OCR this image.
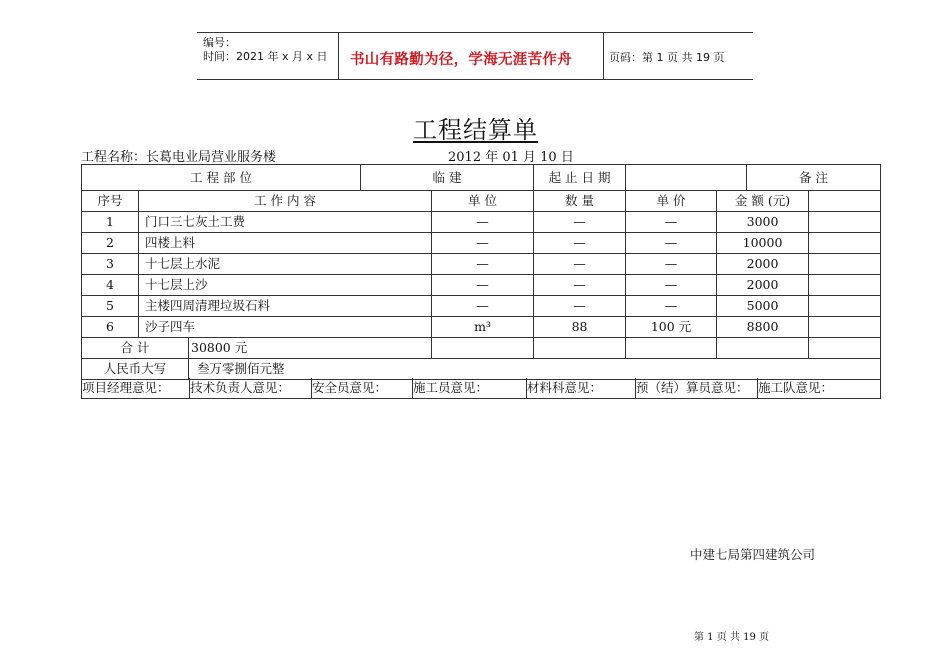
编号：
时间：2021 年 x 月 x 日 书山有路勤为径，学海无涯苦作舟	页码：第 1 页 共 19 页
工程结算单
工程名称：长葛电业局营业服务楼	2012 年 01 月 10 日
工 程 部 位			临 建		起 止 日 期			备 注	
序号	工 作 内 容			单 位	数 量	单 价	金 额 (元)		
1	门口三七灰土工费			—	—	—	3000		
2	四楼上料			—	—	—	10000		
3	十七层上水泥			—	—	—	2000		
4	十七层上沙			—	—	—	2000		
5	主楼四周清理垃圾石料			—	—	—	5000		
6	沙子四车			m³	88	100 元	8800		
合 计		30800 元							
人民币大写		叁万零捌佰元整							
项目经理意见：	技术负责人意见：	安全员意见：	施工员意见：	材料科意见：	预（结）算员意见：	施工队意见：
中建七局第四建筑公司
第 1 页 共 19 页
